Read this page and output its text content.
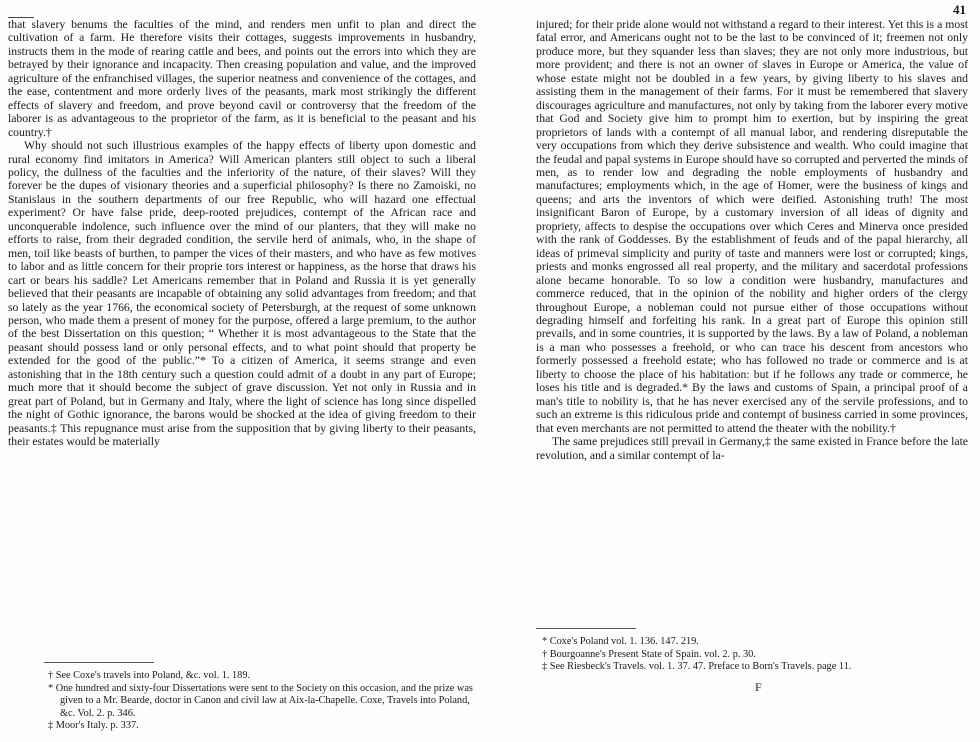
41

that slavery benums the faculties of the mind, and renders men unfit to plan and direct the cultivation of a farm. He therefore visits their cottages, suggests improvements in husbandry, instructs them in the mode of rearing cattle and bees, and points out the errors into which they are betrayed by their ignorance and incapacity. Then creasing population and value, and the improved agriculture of the enfranchised villages, the superior neatness and convenience of the cottages, and the ease, contentment and more orderly lives of the peasants, mark most strikingly the different effects of slavery and freedom, and prove beyond cavil or controversy that the freedom of the laborer is as advantageous to the proprietor of the farm, as it is beneficial to the peasant and his country.†

Why should not such illustrious examples of the happy effects of liberty upon domestic and rural economy find imitators in America? Will American planters still object to such a liberal policy, the dullness of the faculties and the inferiority of the nature, of their slaves? Will they forever be the dupes of visionary theories and a superficial philosophy? Is there no Zamoiski, no Stanislaus in the southern departments of our free Republic, who will hazard one effectual experiment? Or have false pride, deep-rooted prejudices, contempt of the African race and unconquerable indolence, such influence over the mind of our planters, that they will make no efforts to raise, from their degraded condition, the servile herd of animals, who, in the shape of men, toil like beasts of burthen, to pamper the vices of their masters, and who have as few motives to labor and as little concern for their proprie tors interest or happiness, as the horse that draws his cart or bears his saddle? Let Americans remember that in Poland and Russia it is yet generally believed that their peasants are incapable of obtaining any solid advantages from freedom; and that so lately as the year 1766, the economical society of Petersburgh, at the request of some unknown person, who made them a present of money for the purpose, offered a large premium, to the author of the best Dissertation on this question; “ Whether it is most advantageous to the State that the peasant should possess land or only personal effects, and to what point should that property be extended for the good of the public.”* To a citizen of America, it seems strange and even astonishing that in the 18th century such a question could admit of a doubt in any part of Europe; much more that it should become the subject of grave discussion. Yet not only in Russia and in great part of Poland, but in Germany and Italy, where the light of science has long since dispelled the night of Gothic ignorance, the barons would be shocked at the idea of giving freedom to their peasants.‡ This repugnance must arise from the supposition that by giving liberty to their peasants, their estates would be materially

† See Coxe's travels into Poland, &c. vol. 1. 189.

* One hundred and sixty-four Dissertations were sent to the Society on this occasion, and the prize was given to a Mr. Bearde, doctor in Canon and civil law at Aix-la-Chapelle. Coxe, Travels into Poland, &c. Vol. 2. p. 346.

‡ Moor's Italy. p. 337.

injured; for their pride alone would not withstand a regard to their interest. Yet this is a most fatal error, and Americans ought not to be the last to be convinced of it; freemen not only produce more, but they squander less than slaves; they are not only more industrious, but more provident; and there is not an owner of slaves in Europe or America, the value of whose estate might not be doubled in a few years, by giving liberty to his slaves and assisting them in the management of their farms. For it must be remembered that slavery discourages agriculture and manufactures, not only by taking from the laborer every motive that God and Society give him to prompt him to exertion, but by inspiring the great proprietors of lands with a contempt of all manual labor, and rendering disreputable the very occupations from which they derive subsistence and wealth. Who could imagine that the feudal and papal systems in Europe should have so corrupted and perverted the minds of men, as to render low and degrading the noble employments of husbandry and manufactures; employments which, in the age of Homer, were the business of kings and queens; and arts the inventors of which were deified. Astonishing truth! The most insignificant Baron of Europe, by a customary inversion of all ideas of dignity and propriety, affects to despise the occupations over which Ceres and Minerva once presided with the rank of Goddesses. By the establishment of feuds and of the papal hierarchy, all ideas of primeval simplicity and purity of taste and manners were lost or corrupted; kings, priests and monks engrossed all real property, and the military and sacerdotal professions alone became honorable. To so low a condition were husbandry, manufactures and commerce reduced, that in the opinion of the nobility and higher orders of the clergy throughout Europe, a nobleman could not pursue either of those occupations without degrading himself and forfeiting his rank. In a great part of Europe this opinion still prevails, and in some countries, it is supported by the laws. By a law of Poland, a nobleman is a man who possesses a freehold, or who can trace his descent from ancestors who formerly possessed a freehold estate; who has followed no trade or commerce and is at liberty to choose the place of his habitation: but if he follows any trade or commerce, he loses his title and is degraded.* By the laws and customs of Spain, a principal proof of a man's title to nobility is, that he has never exercised any of the servile professions, and to such an extreme is this ridiculous pride and contempt of business carried in some provinces, that even merchants are not permitted to attend the theater with the nobility.†

The same prejudices still prevail in Germany,‡ the same existed in France before the late revolution, and a similar contempt of la-

* Coxe's Poland vol. 1. 136. 147. 219.

† Bourgoanne's Present State of Spain. vol. 2. p. 30.

‡ See Riesbeck's Travels. vol. 1. 37. 47. Preface to Born's Travels. page 11.

F
